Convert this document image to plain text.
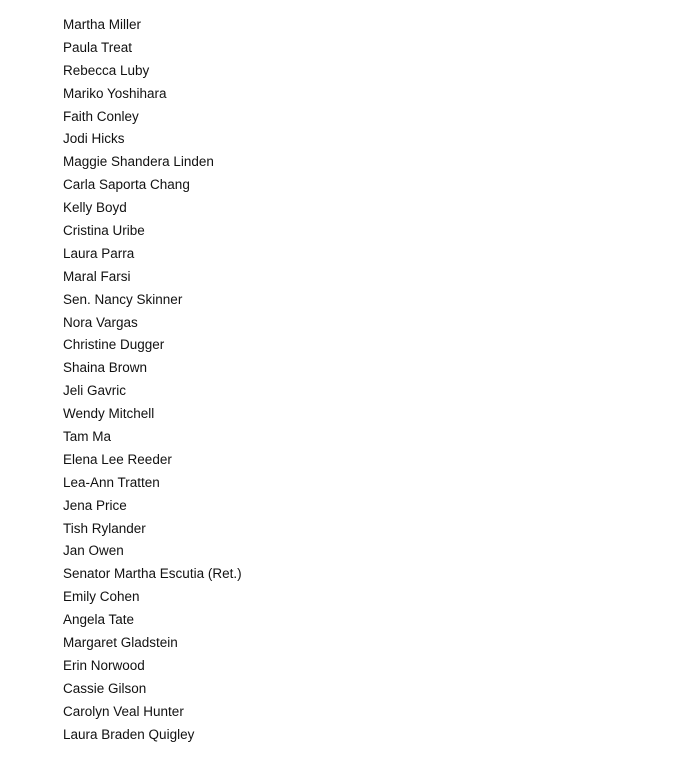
Martha Miller
Paula Treat
Rebecca Luby
Mariko Yoshihara
Faith Conley
Jodi Hicks
Maggie Shandera Linden
Carla Saporta Chang
Kelly Boyd
Cristina Uribe
Laura Parra
Maral Farsi
Sen. Nancy Skinner
Nora Vargas
Christine Dugger
Shaina Brown
Jeli Gavric
Wendy Mitchell
Tam Ma
Elena Lee Reeder
Lea-Ann Tratten
Jena Price
Tish Rylander
Jan Owen
Senator Martha Escutia (Ret.)
Emily Cohen
Angela Tate
Margaret Gladstein
Erin Norwood
Cassie Gilson
Carolyn Veal Hunter
Laura Braden Quigley
